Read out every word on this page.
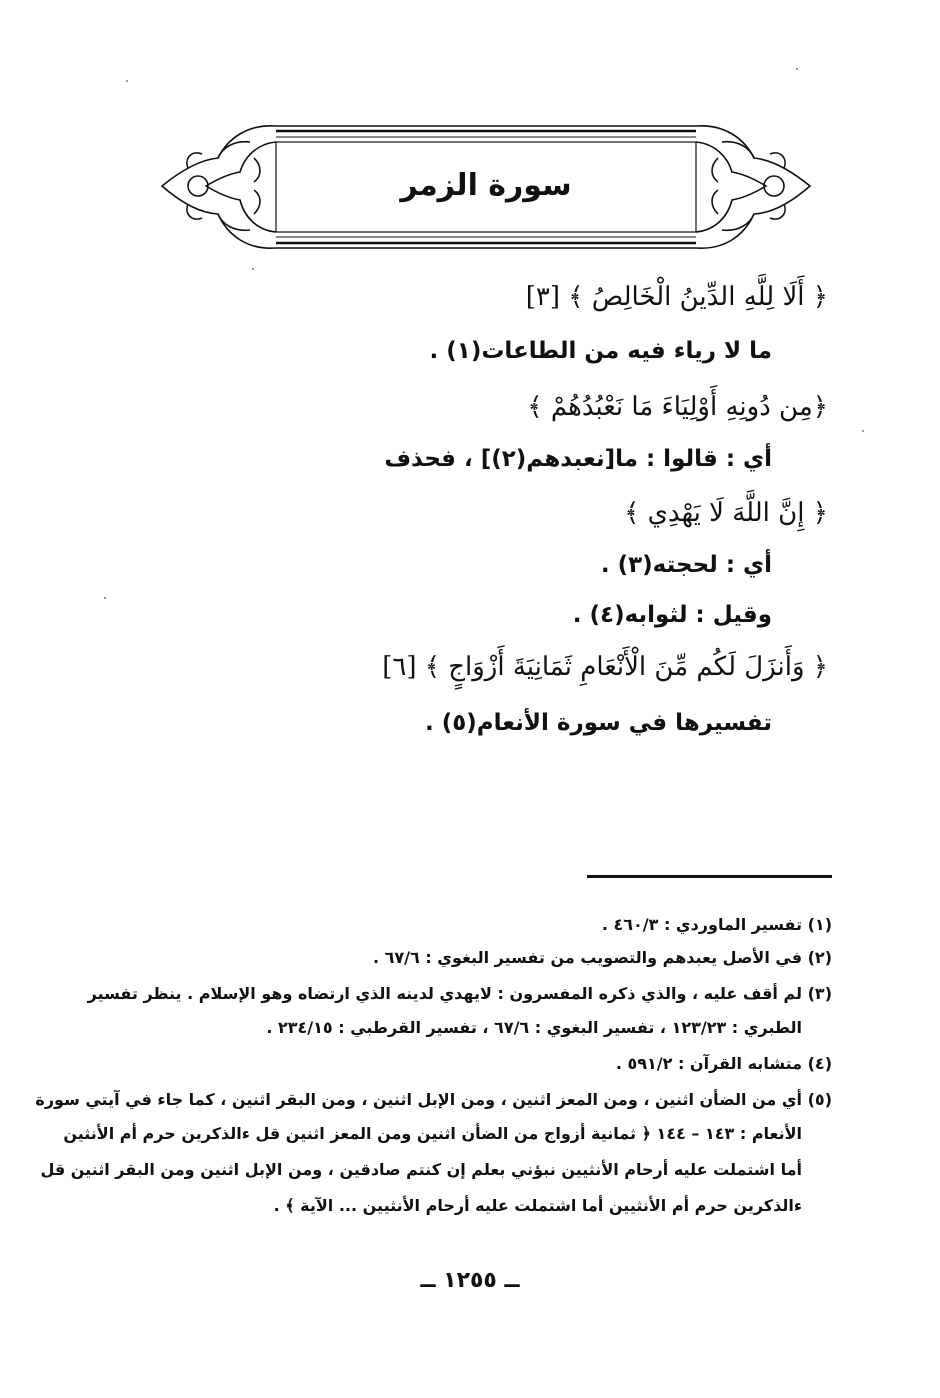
سورة الزمر
﴿ أَلَا لِلَّهِ الدِّينُ الْخَالِصُ ﴾ [٣]
ما لا رياء فيه من الطاعات(١) .
﴿مِن دُونِهِ أَوْلِيَاءَ مَا نَعْبُدُهُمْ ﴾
أي : قالوا : ما[نعبدهم(٢)] ، فحذف
﴿ إِنَّ اللَّهَ لَا يَهْدِي ﴾
أي : لحجته(٣) .
وقيل : لثوابه(٤) .
﴿ وَأَنزَلَ لَكُم مِّنَ الْأَنْعَامِ ثَمَانِيَةَ أَزْوَاجٍ ﴾ [٦]
تفسيرها في سورة الأنعام(٥) .
(١) تفسير الماوردي : ٤٦٠/٣ .
(٢) في الأصل يعبدهم والتصويب من تفسير البغوي : ٦٧/٦ .
(٣) لم أقف عليه ، والذي ذكره المفسرون : لايهدي لدينه الذي ارتضاه وهو الإسلام . ينظر تفسير
الطبري : ١٢٣/٢٣ ، تفسير البغوي : ٦٧/٦ ، تفسير القرطبي : ٢٣٤/١٥ .
(٤) متشابه القرآن : ٥٩١/٢ .
(٥) أي من الضأن اثنين ، ومن المعز اثنين ، ومن الإبل اثنين ، ومن البقر اثنين ، كما جاء في آيتي سورة
الأنعام : ١٤٣ – ١٤٤ ﴿ ثمانية أزواج من الضأن اثنين ومن المعز اثنين قل ءالذكرين حرم أم الأنثين
أما اشتملت عليه أرحام الأنثيين نبؤني بعلم إن كنتم صادقين ، ومن الإبل اثنين ومن البقر اثنين قل
ءالذكرين حرم أم الأنثيين أما اشتملت عليه أرحام الأنثيين ... الآية ﴾ .
ــ ١٢٥٥ ــ
